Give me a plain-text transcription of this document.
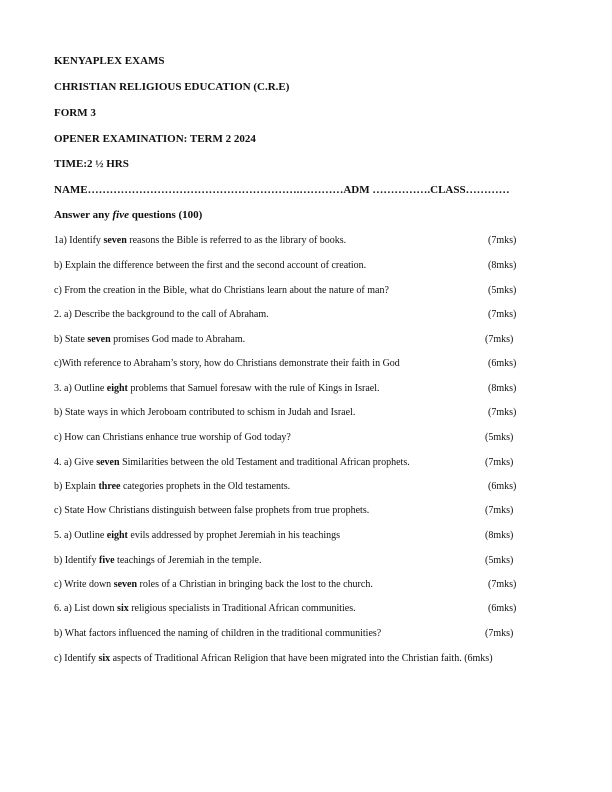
KENYAPLEX EXAMS
CHRISTIAN RELIGIOUS EDUCATION (C.R.E)
FORM 3
OPENER EXAMINATION: TERM 2 2024
TIME:2 ½ HRS
NAME………………………………………………….…………ADM …………….CLASS…………
Answer any five questions (100)
1a) Identify seven reasons the Bible is referred to as the library of books.	(7mks)
b) Explain the difference between the first and the second account of creation.	(8mks)
c) From the creation in the Bible, what do Christians learn about the nature of man?	(5mks)
2. a) Describe the background to the call of Abraham.	(7mks)
b) State seven promises God made to Abraham.	(7mks)
c)With reference to Abraham’s story, how do Christians demonstrate their faith in God	(6mks)
3. a) Outline eight problems that Samuel foresaw with the rule of Kings in Israel.	(8mks)
b) State ways in which Jeroboam contributed to schism in Judah and Israel.	(7mks)
c) How can Christians enhance true worship of God today?	(5mks)
4. a) Give seven Similarities between the old Testament and traditional African prophets.	(7mks)
b) Explain three categories prophets in the Old testaments.	(6mks)
c) State How Christians distinguish between false prophets from true prophets.	(7mks)
5. a) Outline eight evils addressed by prophet Jeremiah in his teachings	(8mks)
b) Identify five teachings of Jeremiah in the temple.	(5mks)
c) Write down seven roles of a Christian in bringing back the lost to the church.	(7mks)
6. a) List down six religious specialists in Traditional African communities.	(6mks)
b) What factors influenced the naming of children in the traditional communities?	(7mks)
c) Identify six aspects of Traditional African Religion that have been migrated into the Christian faith. (6mks)
